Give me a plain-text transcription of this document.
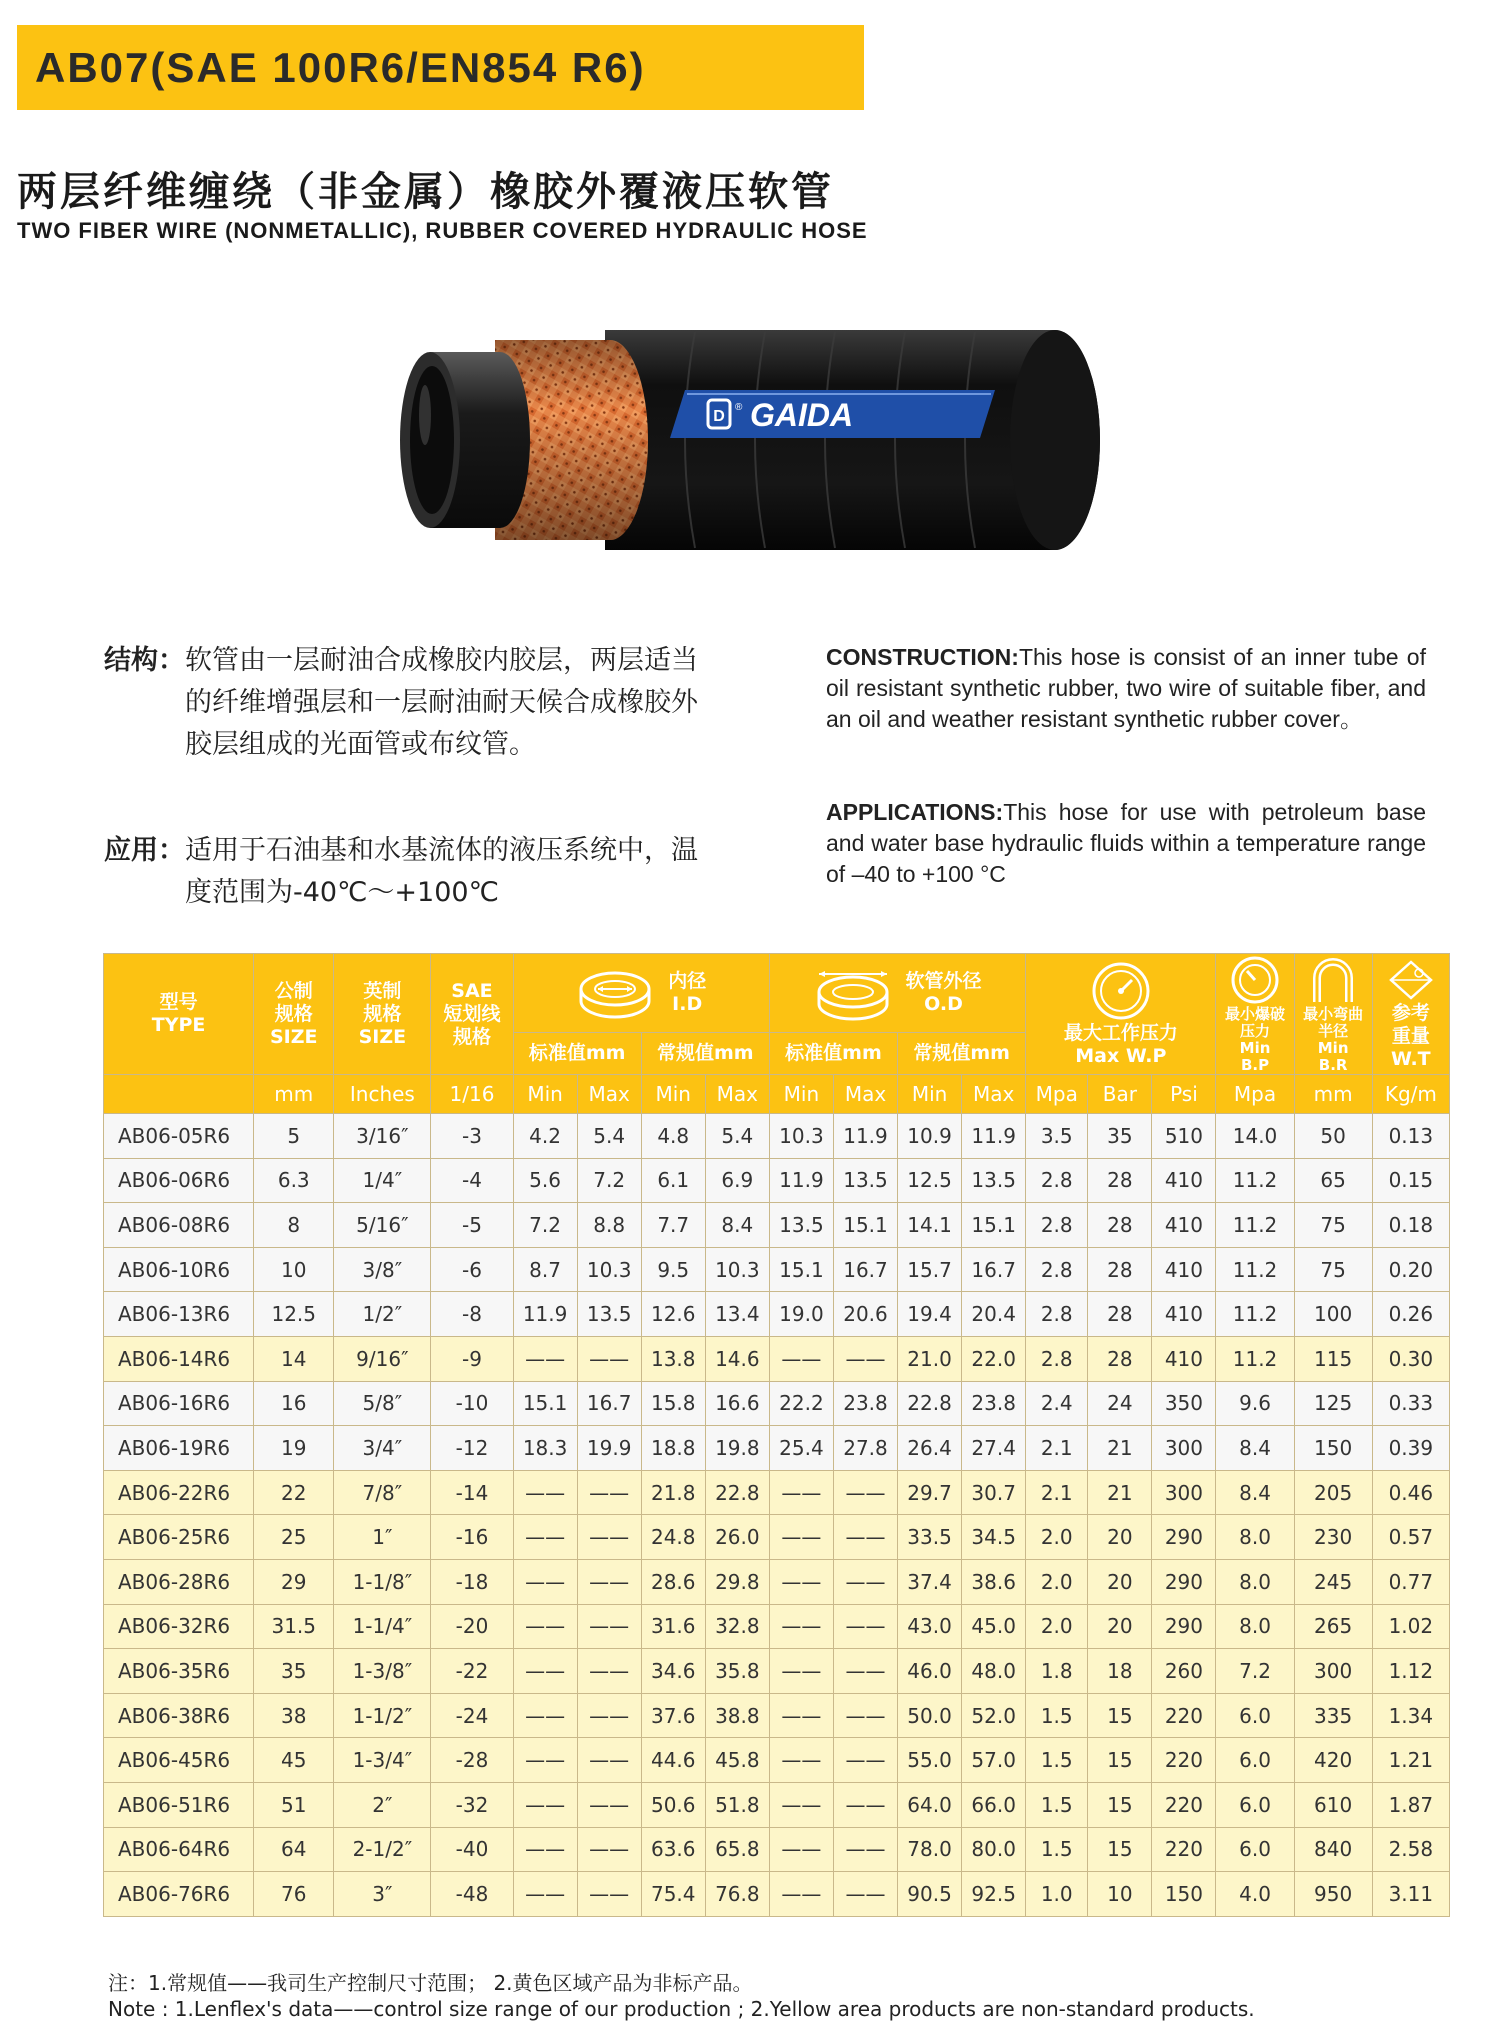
AB07(SAE 100R6/EN854 R6)
两层纤维缠绕（非金属）橡胶外覆液压软管
TWO FIBER WIRE (NONMETALLIC), RUBBER COVERED HYDRAULIC HOSE
D
® GAIDA
结构： 软管由一层耐油合成橡胶内胶层，两层适当的纤维增强层和一层耐油耐天候合成橡胶外胶层组成的光面管或布纹管。
应用： 适用于石油基和水基流体的液压系统中，温度范围为-40℃～+100℃
CONSTRUCTION:This hose is consist of an inner tube of oil resistant synthetic rubber, two wire of suitable fiber, and an oil and weather resistant synthetic rubber cover。
APPLICATIONS:This hose for use with petroleum base and water base hydraulic fluids within a temperature range of –40 to +100 °C
型号
TYPE	公制
规格
SIZE	英制
规格
SIZE	SAE
短划线
规格	内径
I.D				软管外径
O.D				最大工作压力
Max W.P			最小爆破
压力
Min
B.P	最小弯曲
半径
Min
B.R	参考
重量
W.T

				标准值mm		常规值mm		标准值mm		常规值mm							
	mm	Inches	1/16	Min	Max	Min	Max	Min	Max	Min	Max	Mpa	Bar	Psi	Mpa	mm	Kg/m
AB06-05R6	5	3/16″	-3	4.2	5.4	4.8	5.4	10.3	11.9	10.9	11.9	3.5	35	510	14.0	50	0.13
AB06-06R6	6.3	1/4″	-4	5.6	7.2	6.1	6.9	11.9	13.5	12.5	13.5	2.8	28	410	11.2	65	0.15
AB06-08R6	8	5/16″	-5	7.2	8.8	7.7	8.4	13.5	15.1	14.1	15.1	2.8	28	410	11.2	75	0.18
AB06-10R6	10	3/8″	-6	8.7	10.3	9.5	10.3	15.1	16.7	15.7	16.7	2.8	28	410	11.2	75	0.20
AB06-13R6	12.5	1/2″	-8	11.9	13.5	12.6	13.4	19.0	20.6	19.4	20.4	2.8	28	410	11.2	100	0.26
AB06-14R6	14	9/16″	-9	——	——	13.8	14.6	——	——	21.0	22.0	2.8	28	410	11.2	115	0.30
AB06-16R6	16	5/8″	-10	15.1	16.7	15.8	16.6	22.2	23.8	22.8	23.8	2.4	24	350	9.6	125	0.33
AB06-19R6	19	3/4″	-12	18.3	19.9	18.8	19.8	25.4	27.8	26.4	27.4	2.1	21	300	8.4	150	0.39
AB06-22R6	22	7/8″	-14	——	——	21.8	22.8	——	——	29.7	30.7	2.1	21	300	8.4	205	0.46
AB06-25R6	25	1″	-16	——	——	24.8	26.0	——	——	33.5	34.5	2.0	20	290	8.0	230	0.57
AB06-28R6	29	1-1/8″	-18	——	——	28.6	29.8	——	——	37.4	38.6	2.0	20	290	8.0	245	0.77
AB06-32R6	31.5	1-1/4″	-20	——	——	31.6	32.8	——	——	43.0	45.0	2.0	20	290	8.0	265	1.02
AB06-35R6	35	1-3/8″	-22	——	——	34.6	35.8	——	——	46.0	48.0	1.8	18	260	7.2	300	1.12
AB06-38R6	38	1-1/2″	-24	——	——	37.6	38.8	——	——	50.0	52.0	1.5	15	220	6.0	335	1.34
AB06-45R6	45	1-3/4″	-28	——	——	44.6	45.8	——	——	55.0	57.0	1.5	15	220	6.0	420	1.21
AB06-51R6	51	2″	-32	——	——	50.6	51.8	——	——	64.0	66.0	1.5	15	220	6.0	610	1.87
AB06-64R6	64	2-1/2″	-40	——	——	63.6	65.8	——	——	78.0	80.0	1.5	15	220	6.0	840	2.58
AB06-76R6	76	3″	-48	——	——	75.4	76.8	——	——	90.5	92.5	1.0	10	150	4.0	950	3.11
注：1.常规值——我司生产控制尺寸范围； 2.黄色区域产品为非标产品。
Note : 1.Lenflex's data——control size range of our production ; 2.Yellow area products are non-standard products.
